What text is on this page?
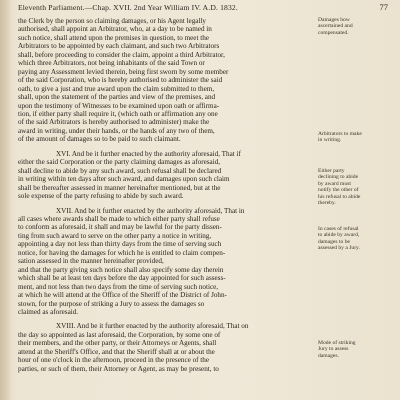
Eleventh Parliament.—Chap. XVII. 2nd Year William IV. A.D. 1832.	77

the Clerk by the person so claiming damages, or his Agent legally
authorised, shall appoint an Arbitrator, who, at a day to be named in
such notice, shall attend upon the premises in question, to meet the
Arbitrators to be appointed by each claimant, and such two Arbitrators
shall, before proceeding to consider the claim, appoint a third Arbitrator,
which three Arbitrators, not being inhabitants of the said Town or
paying any Assessment levied therein, being first sworn by some member
of the said Corporation, who is hereby authorised to administer the said
oath, to give a just and true award upon the claim submitted to them,
shall, upon the statement of the parties and view of the premises, and
upon the testimony of Witnesses to be examined upon oath or affirma-
tion, if either party shall require it, (which oath or affirmation any one
of the said Arbitrators is hereby authorised to administer) make the
award in writing, under their hands, or the hands of any two of them,
of the amount of damages so to be paid to such claimant.

XVI. And be it further enacted by the authority aforesaid, That if
either the said Corporation or the party claiming damages as aforesaid,
shall decline to abide by any such award, such refusal shall be declared
in writing within ten days after such award, and damages upon such claim
shall be thereafter assessed in manner hereinafter mentioned, but at the
sole expense of the party refusing to abide by such award.

XVII. And be it further enacted by the authority aforesaid, That in
all cases where awards shall be made to which either party shall refuse
to conform as aforesaid, it shall and may be lawful for the party dissen-
ting from such award to serve on the other party a notice in writing,
appointing a day not less than thirty days from the time of serving such
notice, for having the damages for which he is entitled to claim compen-
sation assessed in the manner hereinafter provided,
and that the party giving such notice shall also specify some day therein
which shall be at least ten days before the day appointed for such assess-
ment, and not less than two days from the time of serving such notice,
at which he will attend at the Office of the Sheriff of the District of John-
stown, for the purpose of striking a Jury to assess the damages so
claimed as aforesaid.

XVIII. And be it further enacted by the authority aforesaid, That on
the day so appointed as last aforesaid, the Corporation, by some one of
their members, and the other party, or their Attorneys or Agents, shall
attend at the Sheriff's Office, and that the Sheriff shall at or about the
hour of one o'clock in the afternoon, proceed in the presence of the
parties, or such of them, their Attorney or Agent, as may be present, to

Damages how ascertained and compensated.
Arbitrators to make in writing.
Either party declining to abide by award must notify the other of his refusal to abide thereby.
In cases of refusal to abide by award, damages to be assessed by a Jury.
Mode of striking Jury to assess damages.
